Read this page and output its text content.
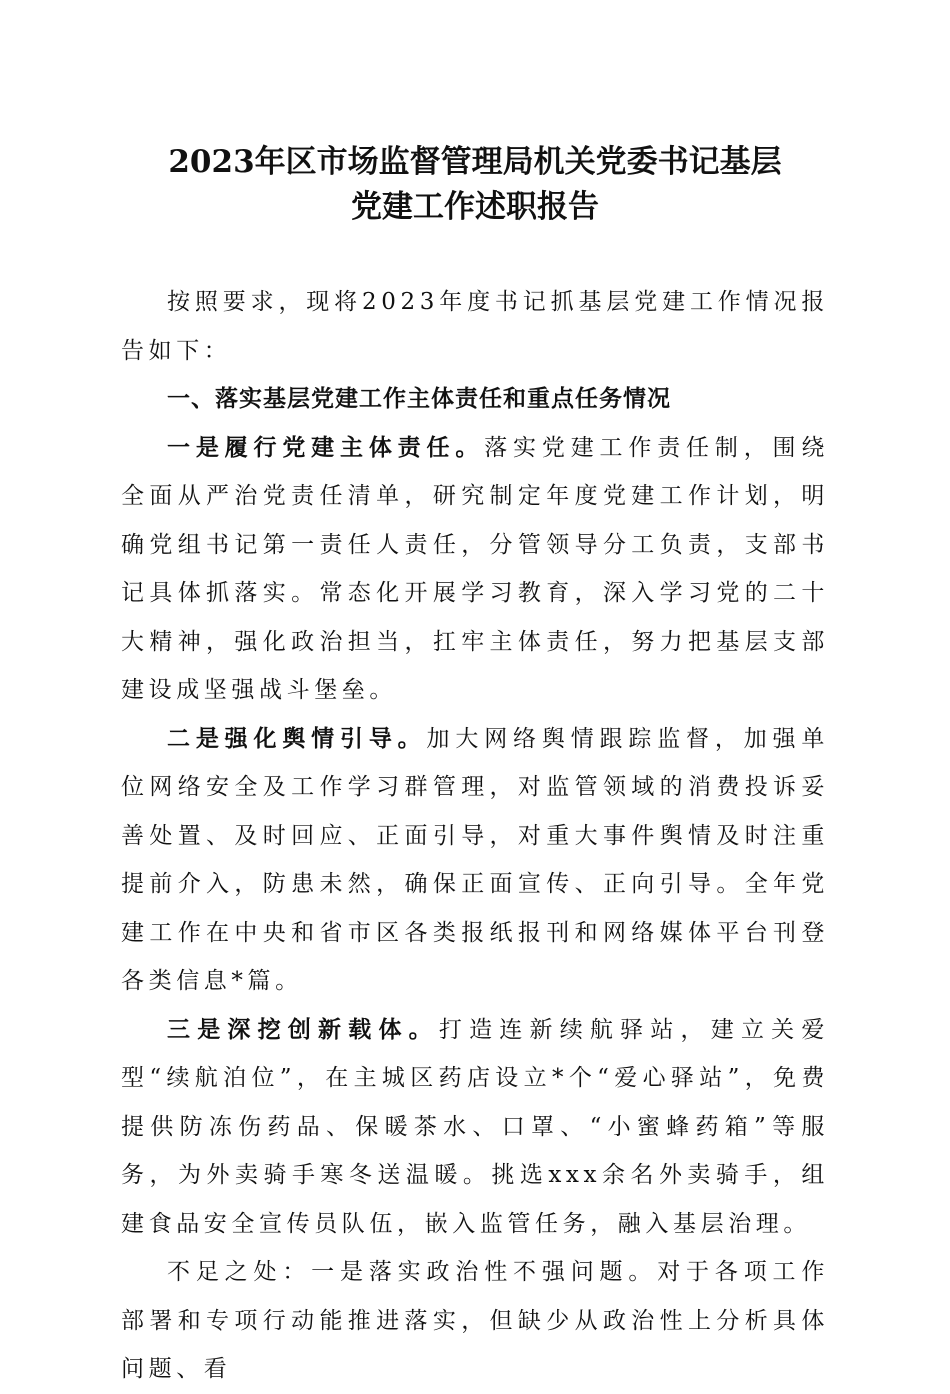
2023年区市场监督管理局机关党委书记基层
党建工作述职报告

按照要求，现将2023年度书记抓基层党建工作情况报告如下：

一、落实基层党建工作主体责任和重点任务情况

一是履行党建主体责任。落实党建工作责任制，围绕全面从严治党责任清单，研究制定年度党建工作计划，明确党组书记第一责任人责任，分管领导分工负责，支部书记具体抓落实。常态化开展学习教育，深入学习党的二十大精神，强化政治担当，扛牢主体责任，努力把基层支部建设成坚强战斗堡垒。

二是强化舆情引导。加大网络舆情跟踪监督，加强单位网络安全及工作学习群管理，对监管领域的消费投诉妥善处置、及时回应、正面引导，对重大事件舆情及时注重提前介入，防患未然，确保正面宣传、正向引导。全年党建工作在中央和省市区各类报纸报刊和网络媒体平台刊登各类信息*篇。

三是深挖创新载体。打造连新续航驿站，建立关爱型“续航泊位”，在主城区药店设立*个“爱心驿站”，免费提供防冻伤药品、保暖茶水、口罩、“小蜜蜂药箱”等服务，为外卖骑手寒冬送温暖。挑选xxx余名外卖骑手，组建食品安全宣传员队伍，嵌入监管任务，融入基层治理。

不足之处：一是落实政治性不强问题。对于各项工作部署和专项行动能推进落实，但缺少从政治性上分析具体问题、看
